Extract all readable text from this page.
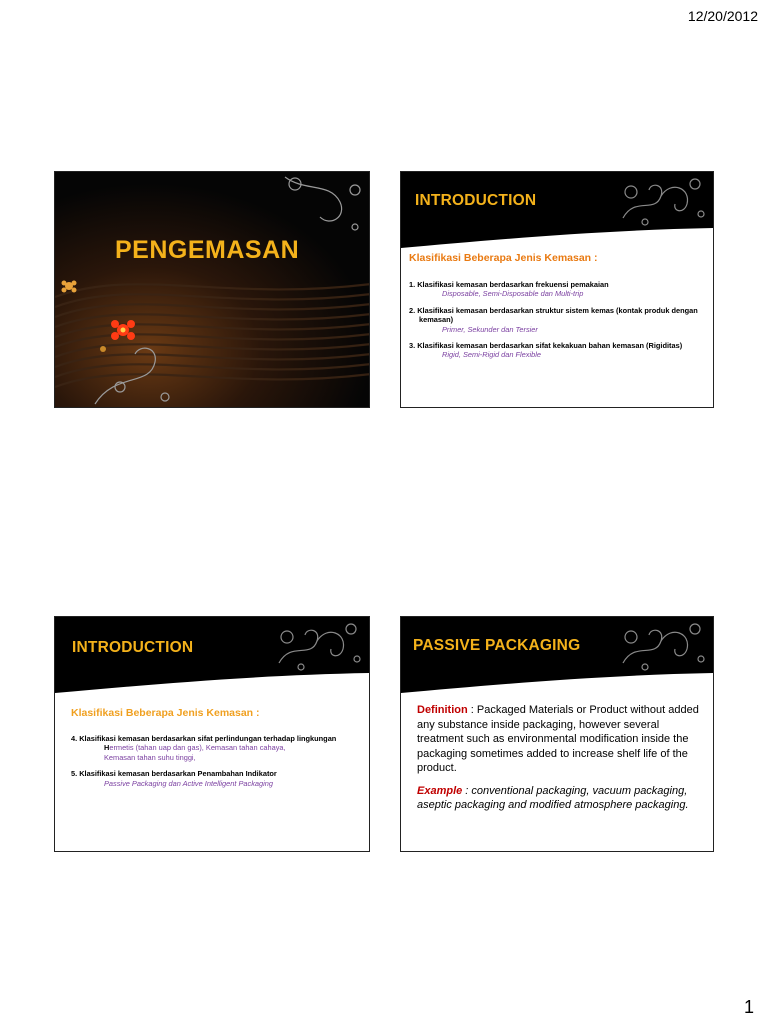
12/20/2012
PENGEMASAN
INTRODUCTION
Klasifikasi Beberapa Jenis Kemasan :
1. Klasifikasi kemasan berdasarkan frekuensi pemakaian
Disposable, Semi-Disposable dan Multi-trip
2. Klasifikasi kemasan berdasarkan struktur sistem kemas (kontak produk dengan kemasan)
Primer, Sekunder dan Tersier
3. Klasifikasi kemasan berdasarkan sifat kekakuan bahan kemasan (Rigiditas)
Rigid, Semi-Rigid dan Flexible
INTRODUCTION
Klasifikasi Beberapa Jenis Kemasan :
4. Klasifikasi kemasan berdasarkan sifat perlindungan terhadap lingkungan
Hermetis (tahan uap dan gas), Kemasan tahan cahaya,
Kemasan tahan suhu tinggi,
5. Klasifikasi kemasan berdasarkan Penambahan Indikator
Passive Packaging dan Active Intelligent Packaging
PASSIVE PACKAGING
Definition : Packaged Materials or Product without added any substance inside packaging, however several treatment such as environmental modification inside the packaging sometimes added to increase shelf life of the product.
Example : conventional packaging, vacuum packaging, aseptic packaging and modified atmosphere packaging.
1
